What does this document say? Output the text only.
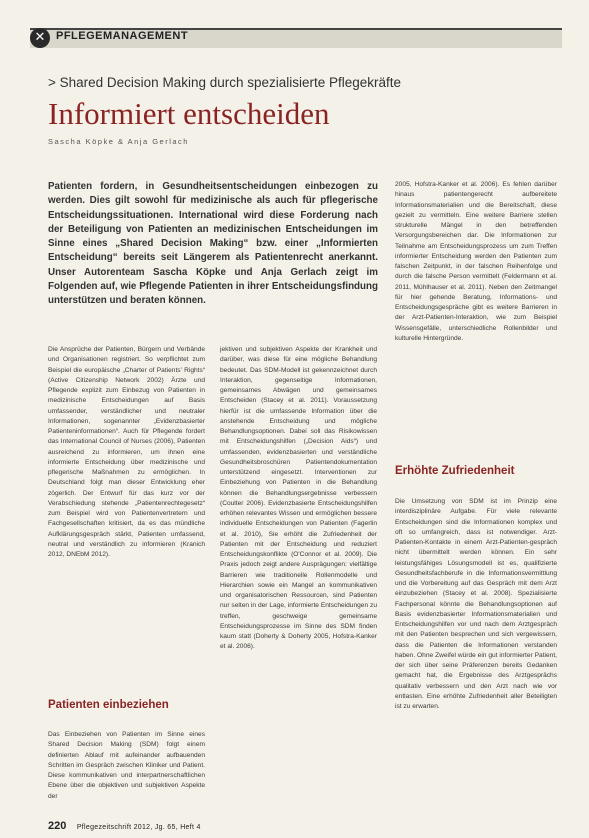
✕ PFLEGEMANAGEMENT
> Shared Decision Making durch spezialisierte Pflegekräfte
Informiert entscheiden
Sascha Köpke & Anja Gerlach
Patienten fordern, in Gesundheitsentscheidungen einbezogen zu werden. Dies gilt sowohl für medizinische als auch für pflegerische Entscheidungssituationen. International wird diese Forderung nach der Beteiligung von Patienten an medizinischen Entscheidungen im Sinne eines „Shared Decision Making“ bzw. einer „Informierten Entscheidung“ bereits seit Längerem als Patientenrecht anerkannt. Unser Autorenteam Sascha Köpke und Anja Gerlach zeigt im Folgenden auf, wie Pflegende Patienten in ihrer Entscheidungsfindung unterstützen und beraten können.
Die Ansprüche der Patienten, Bürgern und Verbände und Organisationen registriert. So verpflichtet zum Beispiel die europäische „Charter of Patients' Rights“ (Active Citizenship Network 2002) Ärzte und Pflegende explizit zum Einbezug von Patienten in medizinische Entscheidungen auf Basis umfassender, verständlicher und neutraler Informationen, sogenannter „Evidenzbasierter Patienteninformationen“. Auch für Pflegende fordert das International Council of Nurses (2006), Patienten ausreichend zu informieren, um ihnen eine informierte Entscheidung über medizinische und pflegerische Maßnahmen zu ermöglichen. In Deutschland folgt man dieser Entwicklung eher zögerlich. Der Entwurf für das kurz vor der Verabschiedung stehende „Patientenrechtegesetz“ zum Beispiel wird von Patientenvertretern und Fachgesellschaften kritisiert, da es das mündliche Aufklärungsgespräch stärkt, Patienten umfassend, neutral und verständlich zu informieren (Kranich 2012, DNEbM 2012).
Patienten einbeziehen
Das Einbeziehen von Patienten im Sinne eines Shared Decision Making (SDM) folgt einem definierten Ablauf mit aufeinander aufbauenden Schritten im Gespräch zwischen Kliniker und Patient. Diese kommunikativen und interpartnerschaftlichen Ebene über die objektiven und subjektiven Aspekte der
jektiven und subjektiven Aspekte der Krankheit und darüber, was diese für eine mögliche Behandlung bedeutet. Das SDM-Modell ist gekennzeichnet durch Interaktion, gegenseitige Informationen, gemeinsames Abwägen und gemeinsames Entscheiden (Stacey et al. 2011). Voraussetzung hierfür ist die umfassende Information über die anstehende Entscheidung und mögliche Behandlungsoptionen. Dabei soll das Risikowissen mit Entscheidungshilfen („Decision Aids“) und umfassenden, evidenzbasierten und verständliche Gesundheitsbroschüren Patientendokumentation unterstützend eingesetzt. Interventionen zur Einbeziehung von Patienten in die Behandlung können die Behandlungsergebnisse verbessern (Coulter 2006). Evidenzbasierte Entscheidungshilfen erhöhen relevantes Wissen und ermöglichen bessere individuelle Entscheidungen von Patienten (Fagerlin et al. 2010), Sie erhöht die Zufriedenheit der Patienten mit der Entscheidung und reduziert Entscheidungskonflikte (O'Connor et al. 2009). Die Praxis jedoch zeigt andere Ausprägungen: vielfältige Barrieren wie traditionelle Rollenmodelle und Hierarchien sowie ein Mangel an kommunikativen und organisatorischen Ressourcen, sind Patienten nur selten in der Lage, informierte Entscheidungen zu treffen, geschweige gemeinsame Entscheidungsprozesse im Sinne des SDM finden kaum statt (Doherty & Doherty 2005, Hofstra-Kanker et al. 2006).
2005, Hofstra-Kanker et al. 2006). Es fehlen darüber hinaus patientengerecht aufbereitete Informationsmaterialien und die Bereitschaft, diese gezielt zu vermitteln. Eine weitere Barriere stellen strukturelle Mängel in den betreffenden Versorgungsbereichen dar. Die Informationen zur Teilnahme am Entscheidungsprozess um zum Treffen informierter Entscheidung werden den Patienten zum falschen Zeitpunkt, in der falschen Reihenfolge und durch die falsche Person vermittelt (Feldermann et al. 2011, Mühlhauser et al. 2011). Neben den Zeitmangel für hier gehende Beratung, Informations- und Entscheidungsgespräche gibt es weitere Barrieren in der Arzt-Patienten-Interaktion, wie zum Beispiel Wissensgefälle, unterschiedliche Rollenbilder und kulturelle Hintergründe.
Erhöhte Zufriedenheit
Die Umsetzung von SDM ist im Prinzip eine interdisziplinäre Aufgabe. Für viele relevante Entscheidungen sind die Informationen komplex und oft so umfangreich, dass ist notwendiger. Arzt-Patienten-Kontakte in einem Arzt-Patienten-gespräch nicht übermittelt werden können. Ein sehr leistungsfähiges Lösungsmodell ist es, qualifizierte Gesundheitsfachberufe in die Informationsvermittlung und die Vorbereitung auf das Gespräch mit dem Arzt einzubeziehen (Stacey et al. 2008). Spezialisierte Fachpersonal könnte die Behandlungsoptionen auf Basis evidenzbasierter Informationsmaterialien und Entscheidungshilfen vor und nach dem Arztgespräch mit den Patienten besprechen und sich vergewissern, dass die Patienten die Informationen verstanden haben. Ohne Zweifel würde ein gut informierter Patient, der sich über seine Präferenzen bereits Gedanken gemacht hat, die Ergebnisse des Arztgesprächs qualitativ verbessern und den Arzt nach wie vor entlasten. Eine erhöhte Zufriedenheit aller Beteiligten ist zu erwarten.
220 Pflegezeitschrift 2012, Jg. 65, Heft 4
